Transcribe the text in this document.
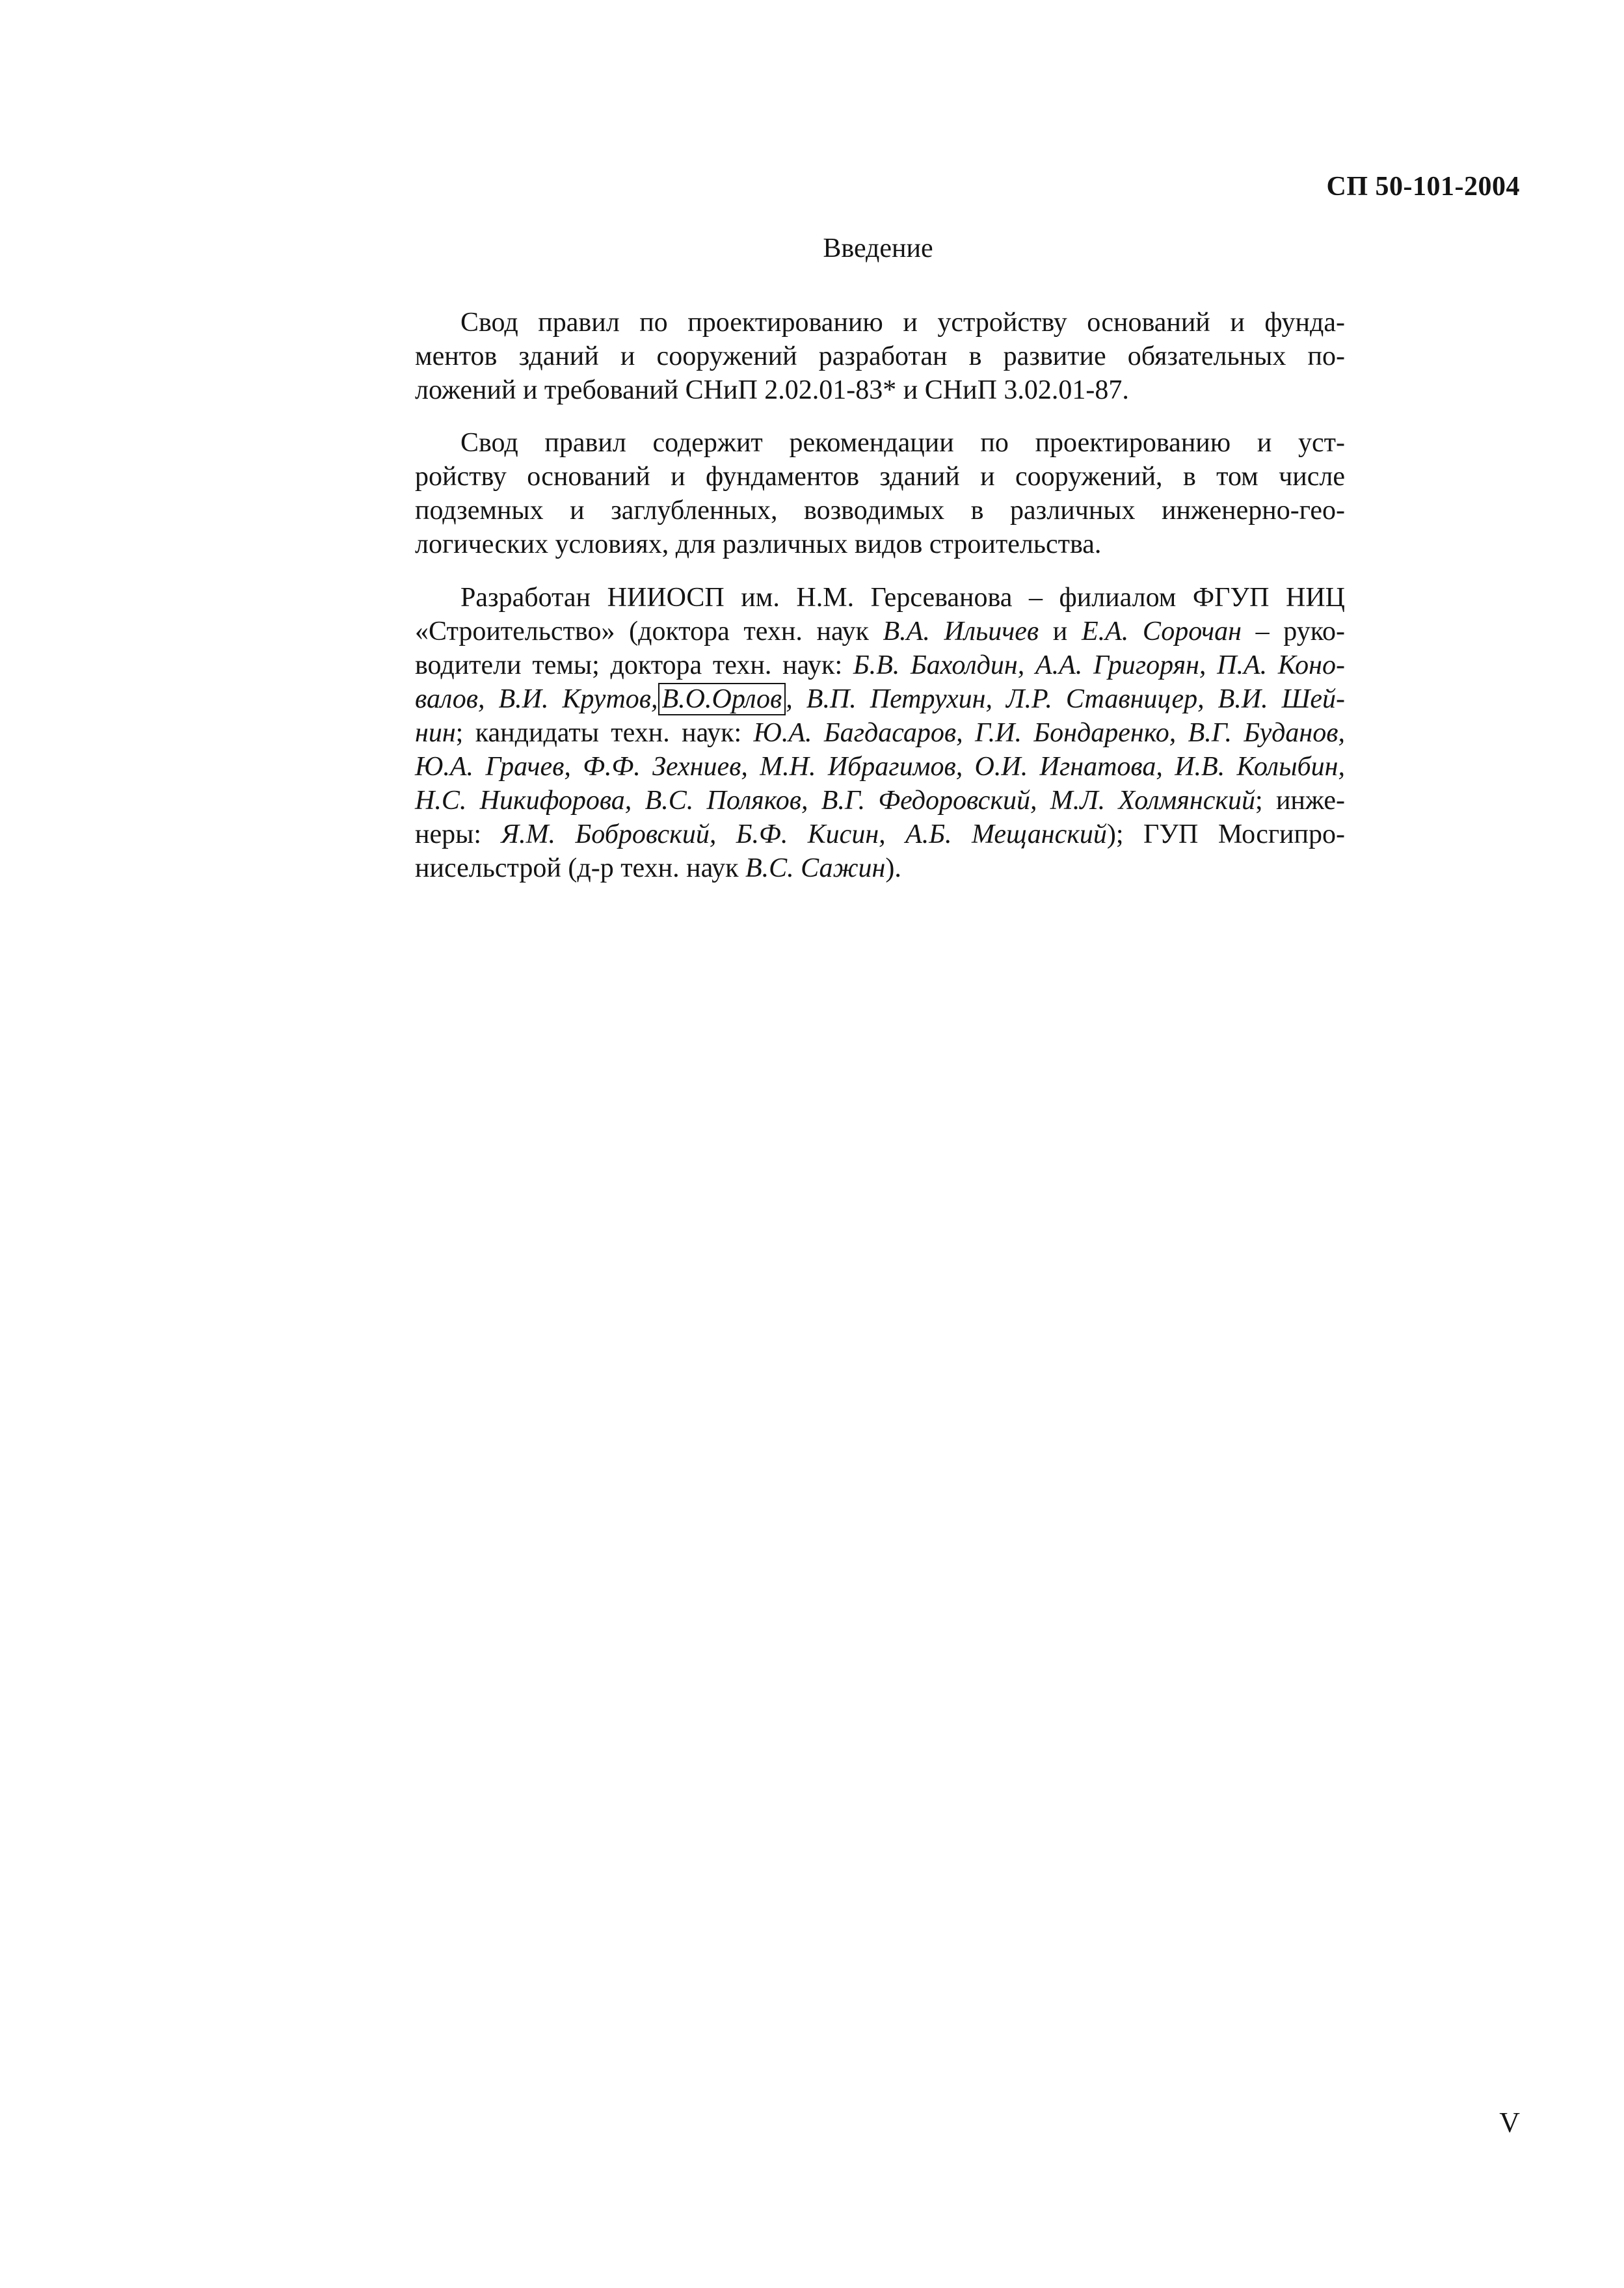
СП 50-101-2004
Введение
Свод правил по проектированию и устройству оснований и фунда-
ментов зданий и сооружений разработан в развитие обязательных по-
ложений и требований СНиП 2.02.01-83* и СНиП 3.02.01-87.
Свод правил содержит рекомендации по проектированию и уст-
ройству оснований и фундаментов зданий и сооружений, в том числе
подземных и заглубленных, возводимых в различных инженерно-гео-
логических условиях, для различных видов строительства.
Разработан НИИОСП им. Н.М. Герсеванова – филиалом ФГУП НИЦ
«Строительство» (доктора техн. наук В.А. Ильичев и Е.А. Сорочан – руко-
водители темы; доктора техн. наук: Б.В. Бахолдин, А.А. Григорян, П.А. Коно-
валов, В.И. Крутов, В.О.Орлов , В.П. Петрухин, Л.Р. Ставницер, В.И. Шей-
нин; кандидаты техн. наук: Ю.А. Багдасаров, Г.И. Бондаренко, В.Г. Буданов,
Ю.А. Грачев, Ф.Ф. Зехниев, М.Н. Ибрагимов, О.И. Игнатова, И.В. Колыбин,
Н.С. Никифорова, В.С. Поляков, В.Г. Федоровский, М.Л. Холмянский; инже-
неры: Я.М. Бобровский, Б.Ф. Кисин, А.Б. Мещанский); ГУП Мосгипро-
нисельстрой (д-р техн. наук В.С. Сажин).
V
